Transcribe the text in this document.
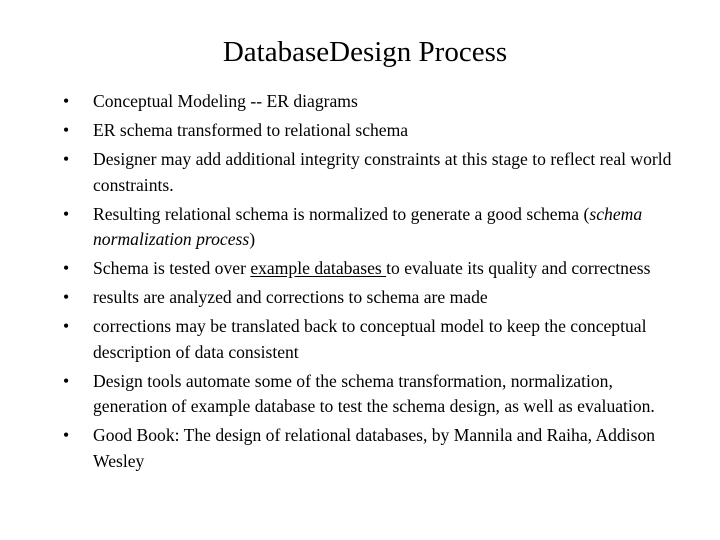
DatabaseDesign Process
•	Conceptual Modeling -- ER diagrams
•	ER schema transformed to relational schema
•	Designer may add additional integrity constraints at this stage to reflect real world constraints.
•	Resulting relational schema is normalized to generate a good schema (schema normalization process)
•	Schema is tested over example databases to evaluate its quality and correctness
•	results are analyzed and corrections to schema are made
•	corrections may be translated back to conceptual model to keep the conceptual description of data consistent
•	Design tools automate some of the schema transformation, normalization, generation of example database to test the schema design, as well as evaluation.
•	Good Book: The design of relational databases, by Mannila and Raiha, Addison Wesley
